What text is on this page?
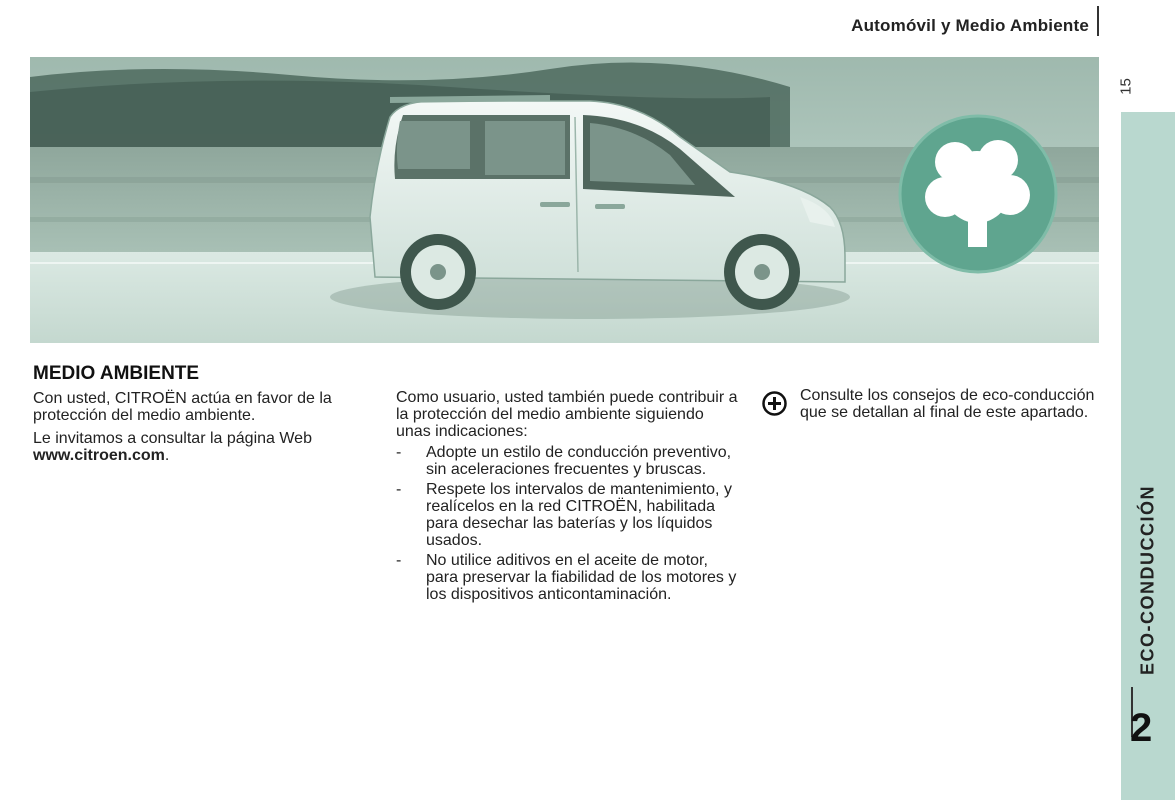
Automóvil y Medio Ambiente
15
ECO-CONDUCCIÓN
2
MEDIO AMBIENTE

Con usted, CITROËN actúa en favor de la protección del medio ambiente.

Le invitamos a consultar la página Web
www.citroen.com.

Como usuario, usted también puede contribuir a la protección del medio ambiente siguiendo unas indicaciones:

- Adopte un estilo de conducción preventivo, sin aceleraciones frecuentes y bruscas.
- Respete los intervalos de mantenimiento, y realícelos en la red CITROËN, habilitada para desechar las baterías y los líquidos usados.
- No utilice aditivos en el aceite de motor, para preservar la fiabilidad de los motores y los dispositivos anticontaminación.

Consulte los consejos de eco-conducción que se detallan al final de este apartado.
